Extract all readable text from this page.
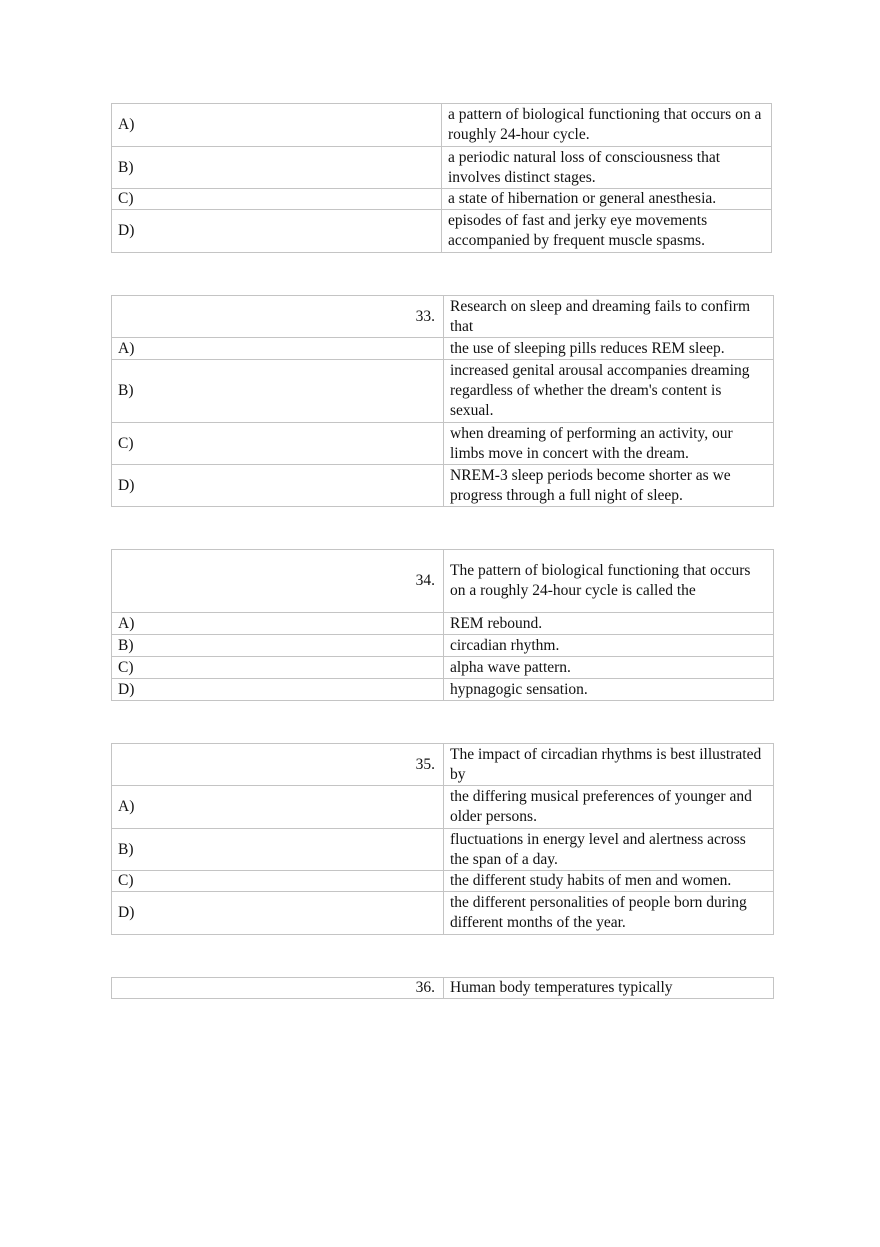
A)	a pattern of biological functioning that occurs on a roughly 24-hour cycle.
B)	a periodic natural loss of consciousness that involves distinct stages.
C)	a state of hibernation or general anesthesia.
D)	episodes of fast and jerky eye movements accompanied by frequent muscle spasms.
33.	Research on sleep and dreaming fails to confirm that
A)	the use of sleeping pills reduces REM sleep.
B)	increased genital arousal accompanies dreaming regardless of whether the dream's content is sexual.
C)	when dreaming of performing an activity, our limbs move in concert with the dream.
D)	NREM-3 sleep periods become shorter as we progress through a full night of sleep.
34.	The pattern of biological functioning that occurs on a roughly 24-hour cycle is called the
A)	REM rebound.
B)	circadian rhythm.
C)	alpha wave pattern.
D)	hypnagogic sensation.
35.	The impact of circadian rhythms is best illustrated by
A)	the differing musical preferences of younger and older persons.
B)	fluctuations in energy level and alertness across the span of a day.
C)	the different study habits of men and women.
D)	the different personalities of people born during different months of the year.
36.	Human body temperatures typically
